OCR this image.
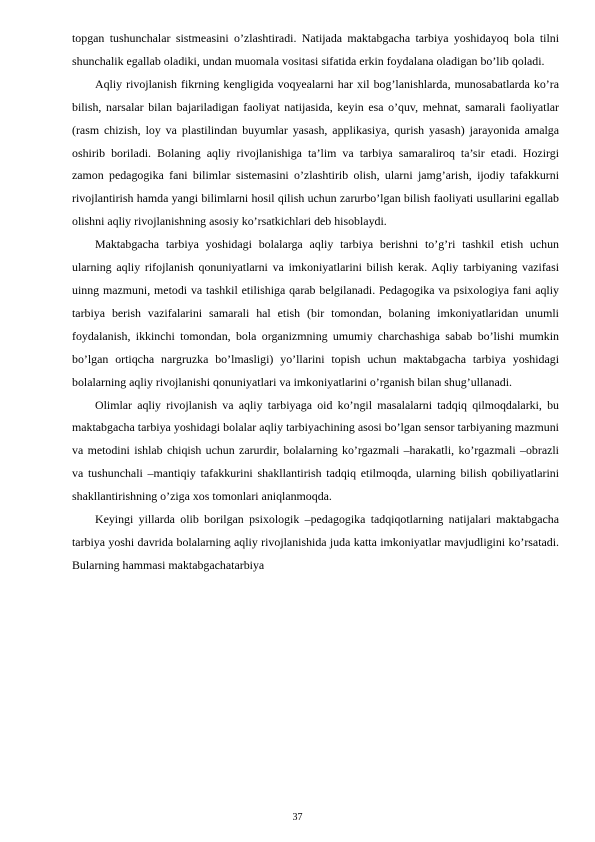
topgan tushunchalar sistmeasini o’zlashtiradi. Natijada maktabgacha tarbiya yoshidayoq bola tilni shunchalik egallab oladiki, undan muomala vositasi sifatida erkin foydalana oladigan bo’lib qoladi.

Aqliy rivojlanish fikrning kengligida voqyealarni har xil bog’lanishlarda, munosabatlarda ko’ra bilish, narsalar bilan bajariladigan faoliyat natijasida, keyin esa o’quv, mehnat, samarali faoliyatlar (rasm chizish, loy va plastilindan buyumlar yasash, applikasiya, qurish yasash) jarayonida amalga oshirib boriladi. Bolaning aqliy rivojlanishiga ta’lim va tarbiya samaraliroq ta’sir etadi. Hozirgi zamon pedagogika fani bilimlar sistemasini o’zlashtirib olish, ularni jamg’arish, ijodiy tafakkurni rivojlantirish hamda yangi bilimlarni hosil qilish uchun zarurbo’lgan bilish faoliyati usullarini egallab olishni aqliy rivojlanishning asosiy ko’rsatkichlari deb hisoblaydi.

Maktabgacha tarbiya yoshidagi bolalarga aqliy tarbiya berishni to’g’ri tashkil etish uchun ularning aqliy rifojlanish qonuniyatlarni va imkoniyatlarini bilish kerak. Aqliy tarbiyaning vazifasi uinng mazmuni, metodi va tashkil etilishiga qarab belgilanadi. Pedagogika va psixologiya fani aqliy tarbiya berish vazifalarini samarali hal etish (bir tomondan, bolaning imkoniyatlaridan unumli foydalanish, ikkinchi tomondan, bola organizmning umumiy charchashiga sabab bo’lishi mumkin bo’lgan ortiqcha nargruzka bo’lmasligi) yo’llarini topish uchun maktabgacha tarbiya yoshidagi bolalarning aqliy rivojlanishi qonuniyatlari va imkoniyatlarini o’rganish bilan shug’ullanadi.

Olimlar aqliy rivojlanish va aqliy tarbiyaga oid ko’ngil masalalarni tadqiq qilmoqdalarki, bu maktabgacha tarbiya yoshidagi bolalar aqliy tarbiyachining asosi bo’lgan sensor tarbiyaning mazmuni va metodini ishlab chiqish uchun zarurdir, bolalarning ko’rgazmali –harakatli, ko’rgazmali –obrazli va tushunchali –mantiqiy tafakkurini shakllantirish tadqiq etilmoqda, ularning bilish qobiliyatlarini shakllantirishning o’ziga xos tomonlari aniqlanmoqda.

Keyingi yillarda olib borilgan psixologik –pedagogika tadqiqotlarning natijalari maktabgacha tarbiya yoshi davrida bolalarning aqliy rivojlanishida juda katta imkoniyatlar mavjudligini ko’rsatadi. Bularning hammasi maktabgachatarbiya

37
